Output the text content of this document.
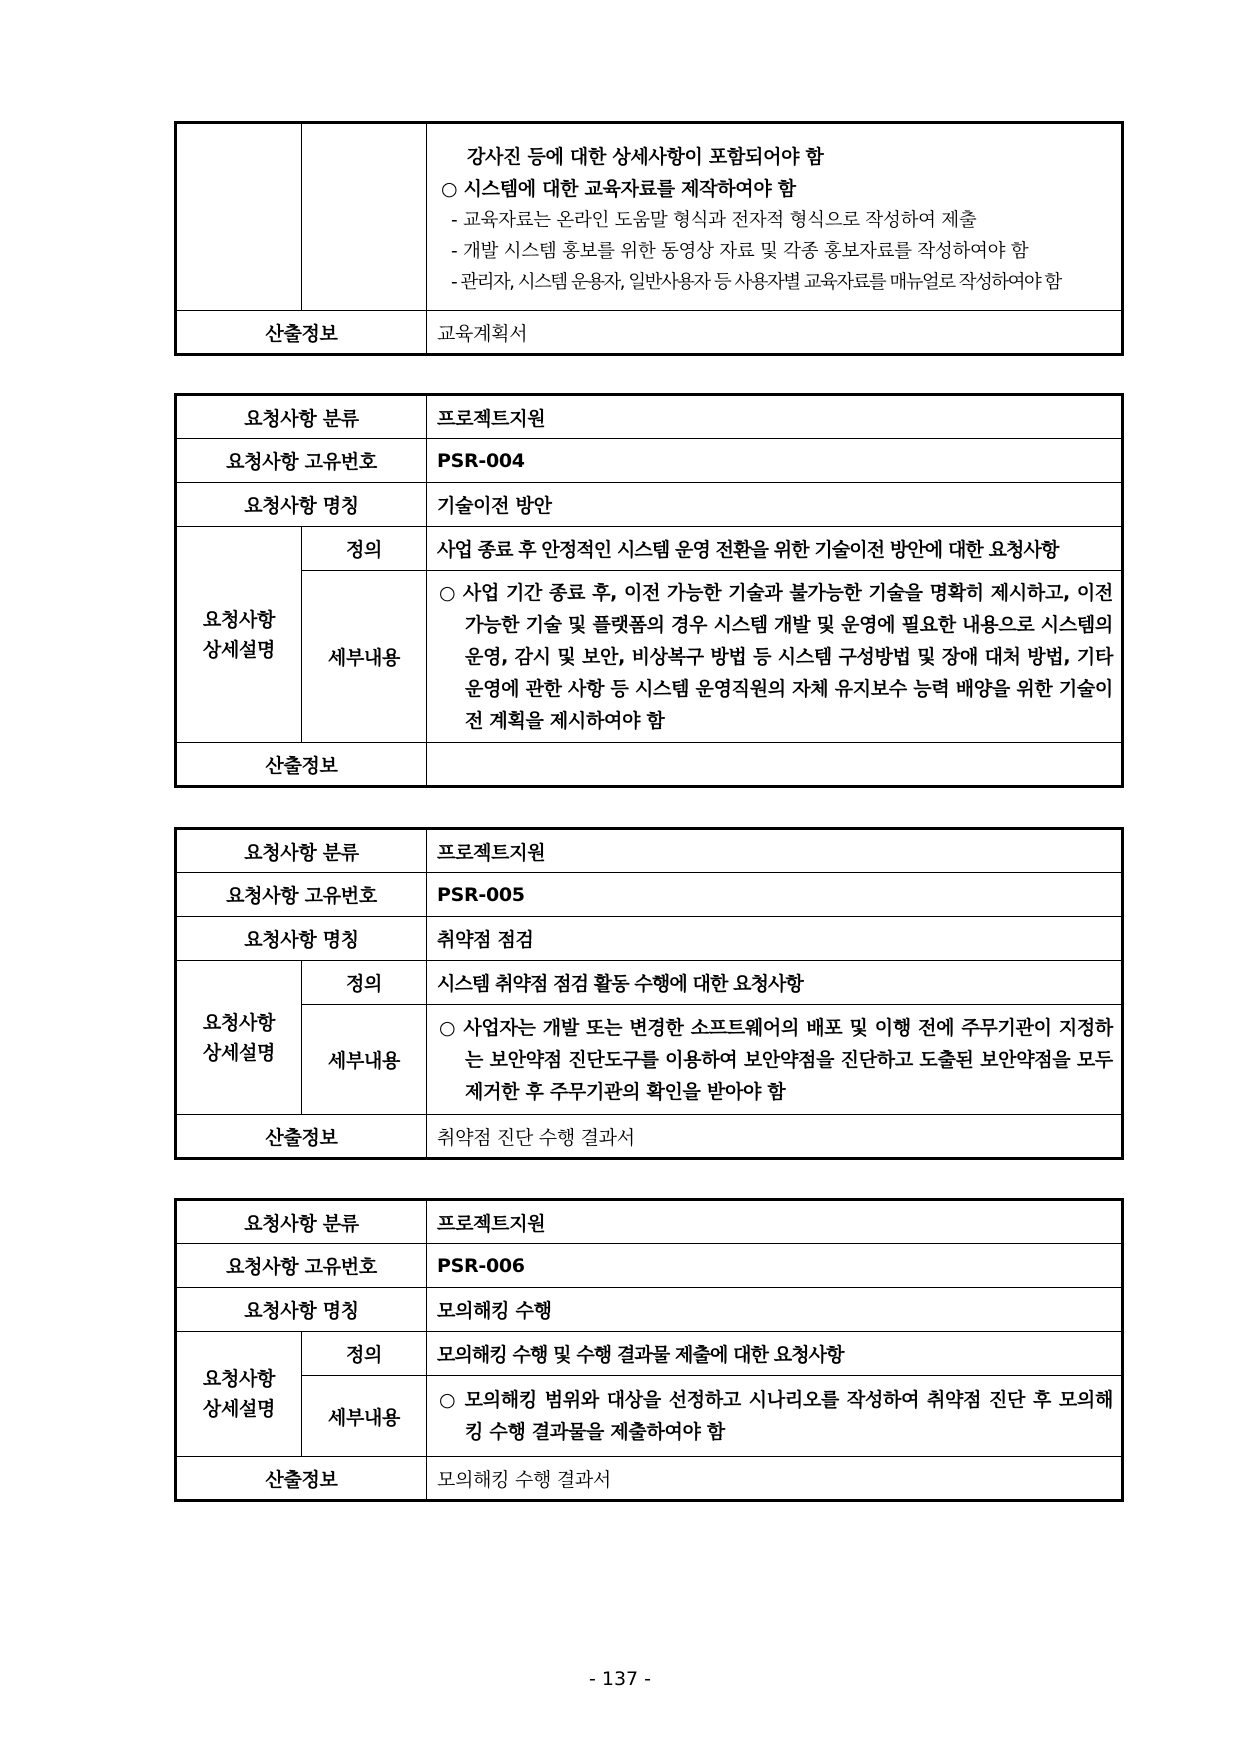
		강사진 등에 대한 상세사항이 포함되어야 함
○ 시스템에 대한 교육자료를 제작하여야 함
- 교육자료는 온라인 도움말 형식과 전자적 형식으로 작성하여 제출
- 개발 시스템 홍보를 위한 동영상 자료 및 각종 홍보자료를 작성하여야 함
- 관리자, 시스템 운용자, 일반사용자 등 사용자별 교육자료를 매뉴얼로 작성하여야 함

산출정보		교육계획서
요청사항 분류		프로젝트지원
요청사항 고유번호		PSR-004
요청사항 명칭		기술이전 방안
요청사항
상세설명	정의	사업 종료 후 안정적인 시스템 운영 전환을 위한 기술이전 방안에 대한 요청사항
	세부내용	○ 사업 기간 종료 후, 이전 가능한 기술과 불가능한 기술을 명확히 제시하고, 이전 가능한 기술 및 플랫폼의 경우 시스템 개발 및 운영에 필요한 내용으로 시스템의 운영, 감시 및 보안, 비상복구 방법 등 시스템 구성방법 및 장애 대처 방법, 기타 운영에 관한 사항 등 시스템 운영직원의 자체 유지보수 능력 배양을 위한 기술이전 계획을 제시하여야 함

산출정보		
요청사항 분류		프로젝트지원
요청사항 고유번호		PSR-005
요청사항 명칭		취약점 점검
요청사항
상세설명	정의	시스템 취약점 점검 활동 수행에 대한 요청사항
	세부내용	○ 사업자는 개발 또는 변경한 소프트웨어의 배포 및 이행 전에 주무기관이 지정하는 보안약점 진단도구를 이용하여 보안약점을 진단하고 도출된 보안약점을 모두 제거한 후 주무기관의 확인을 받아야 함

산출정보		취약점 진단 수행 결과서
요청사항 분류		프로젝트지원
요청사항 고유번호		PSR-006
요청사항 명칭		모의해킹 수행
요청사항
상세설명	정의	모의해킹 수행 및 수행 결과물 제출에 대한 요청사항
	세부내용	○ 모의해킹 범위와 대상을 선정하고 시나리오를 작성하여 취약점 진단 후 모의해킹 수행 결과물을 제출하여야 함

산출정보		모의해킹 수행 결과서
- 137 -
